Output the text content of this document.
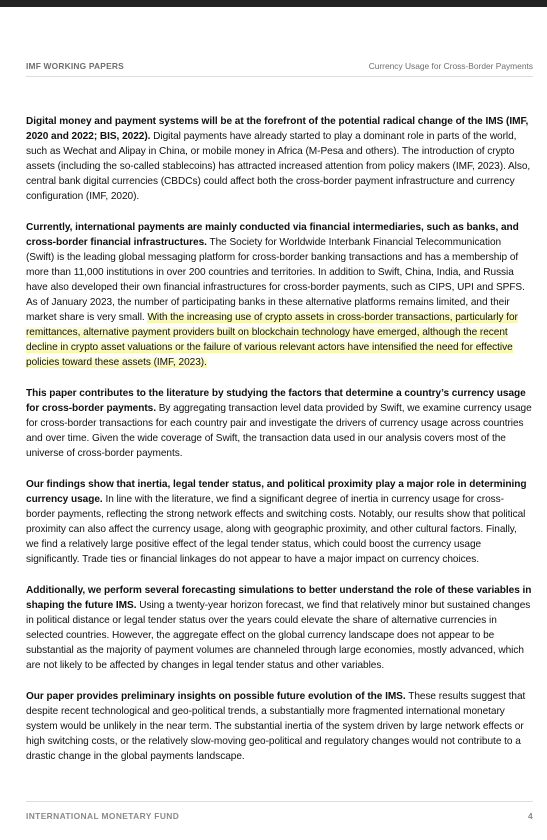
IMF WORKING PAPERS	Currency Usage for Cross-Border Payments

Digital money and payment systems will be at the forefront of the potential radical change of the IMS (IMF, 2020 and 2022; BIS, 2022). Digital payments have already started to play a dominant role in parts of the world, such as Wechat and Alipay in China, or mobile money in Africa (M-Pesa and others). The introduction of crypto assets (including the so-called stablecoins) has attracted increased attention from policy makers (IMF, 2023). Also, central bank digital currencies (CBDCs) could affect both the cross-border payment infrastructure and currency configuration (IMF, 2020).

Currently, international payments are mainly conducted via financial intermediaries, such as banks, and cross-border financial infrastructures. The Society for Worldwide Interbank Financial Telecommunication (Swift) is the leading global messaging platform for cross-border banking transactions and has a membership of more than 11,000 institutions in over 200 countries and territories. In addition to Swift, China, India, and Russia have also developed their own financial infrastructures for cross-border payments, such as CIPS, UPI and SPFS. As of January 2023, the number of participating banks in these alternative platforms remains limited, and their market share is very small. With the increasing use of crypto assets in cross-border transactions, particularly for remittances, alternative payment providers built on blockchain technology have emerged, although the recent decline in crypto asset valuations or the failure of various relevant actors have intensified the need for effective policies toward these assets (IMF, 2023).

This paper contributes to the literature by studying the factors that determine a country’s currency usage for cross-border payments. By aggregating transaction level data provided by Swift, we examine currency usage for cross-border transactions for each country pair and investigate the drivers of currency usage across countries and over time. Given the wide coverage of Swift, the transaction data used in our analysis covers most of the universe of cross-border payments.

Our findings show that inertia, legal tender status, and political proximity play a major role in determining currency usage. In line with the literature, we find a significant degree of inertia in currency usage for cross-border payments, reflecting the strong network effects and switching costs. Notably, our results show that political proximity can also affect the currency usage, along with geographic proximity, and other cultural factors. Finally, we find a relatively large positive effect of the legal tender status, which could boost the currency usage significantly. Trade ties or financial linkages do not appear to have a major impact on currency choices.

Additionally, we perform several forecasting simulations to better understand the role of these variables in shaping the future IMS. Using a twenty-year horizon forecast, we find that relatively minor but sustained changes in political distance or legal tender status over the years could elevate the share of alternative currencies in selected countries. However, the aggregate effect on the global currency landscape does not appear to be substantial as the majority of payment volumes are channeled through large economies, mostly advanced, which are not likely to be affected by changes in legal tender status and other variables.

Our paper provides preliminary insights on possible future evolution of the IMS. These results suggest that despite recent technological and geo-political trends, a substantially more fragmented international monetary system would be unlikely in the near term. The substantial inertia of the system driven by large network effects or high switching costs, or the relatively slow-moving geo-political and regulatory changes would not contribute to a drastic change in the global payments landscape.

INTERNATIONAL MONETARY FUND	4
